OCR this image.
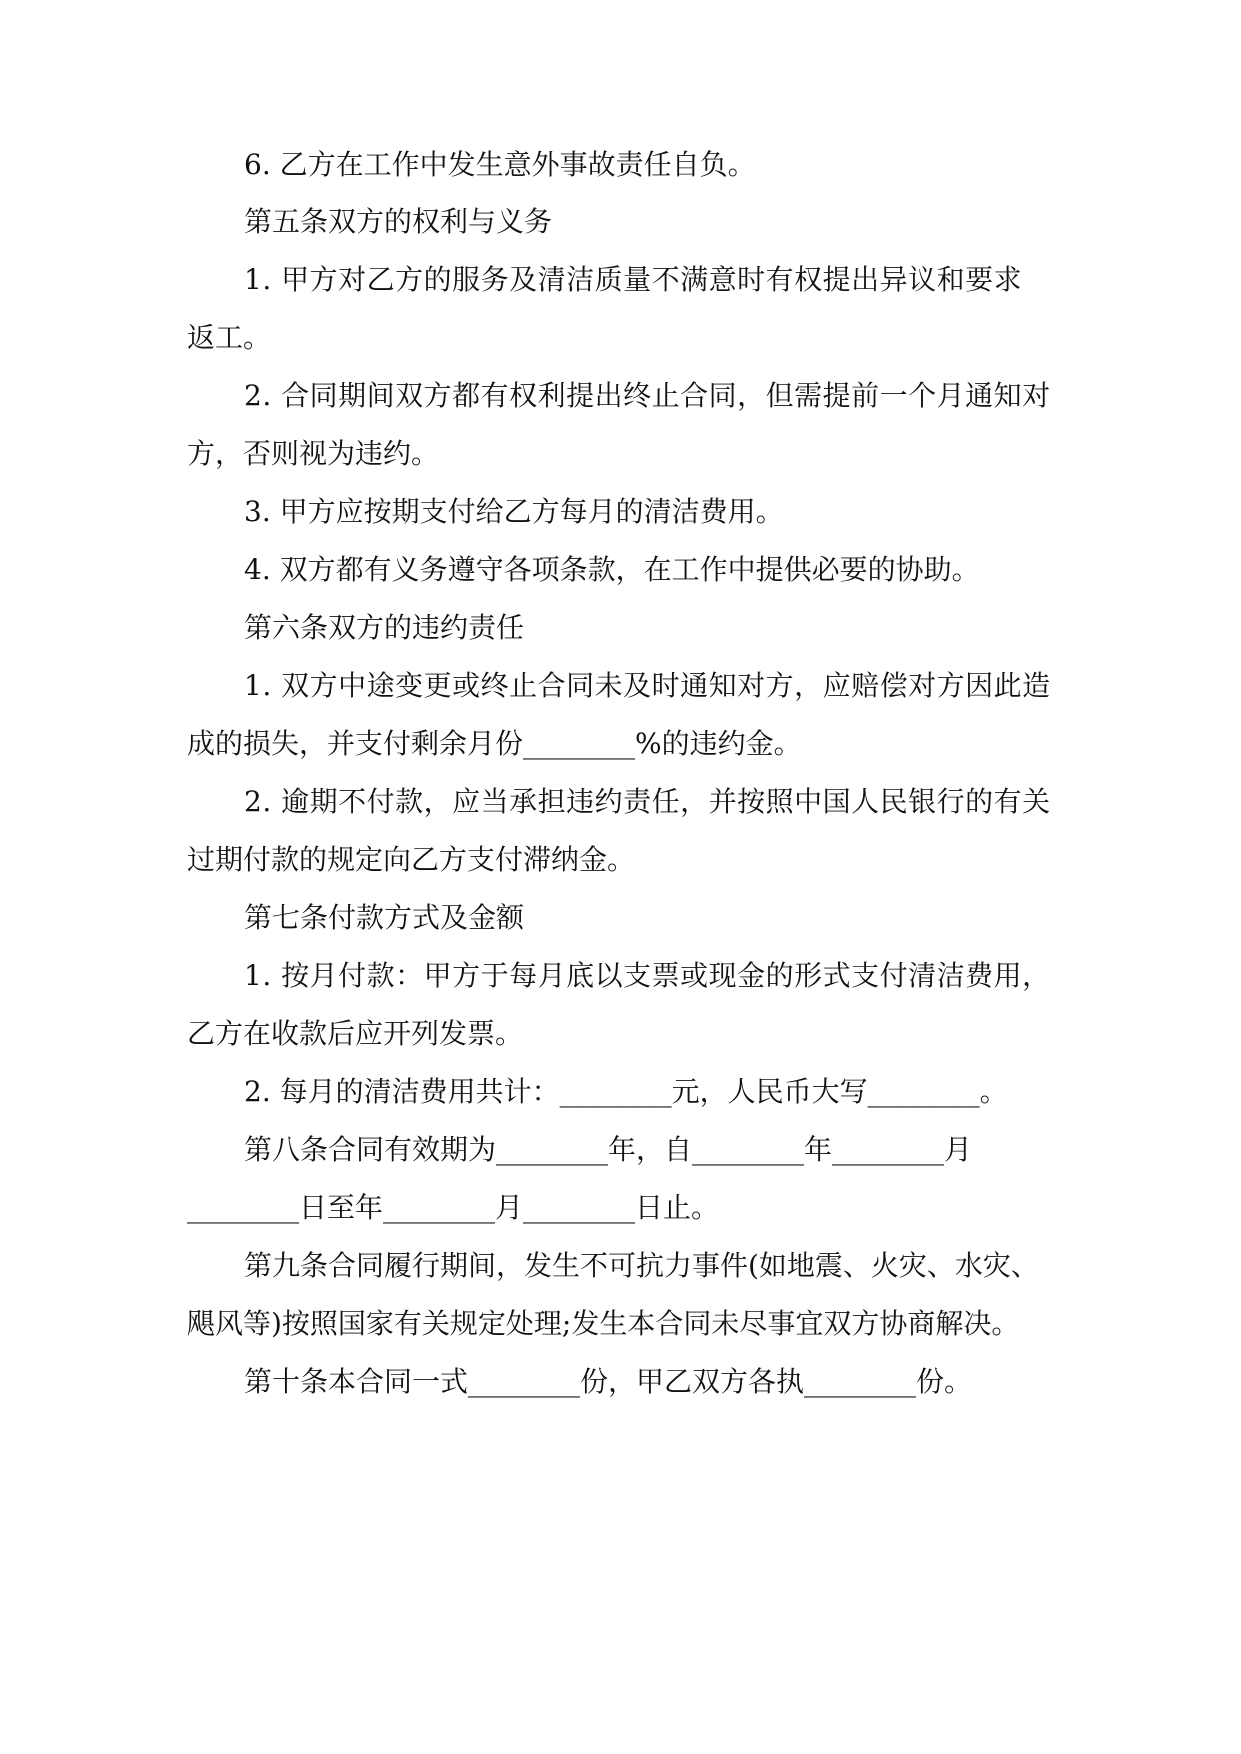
6. 乙方在工作中发生意外事故责任自负。
第五条双方的权利与义务
1. 甲方对乙方的服务及清洁质量不满意时有权提出异议和要求
返工。
2. 合同期间双方都有权利提出终止合同，但需提前一个月通知对
方，否则视为违约。
3. 甲方应按期支付给乙方每月的清洁费用。
4. 双方都有义务遵守各项条款，在工作中提供必要的协助。
第六条双方的违约责任
1. 双方中途变更或终止合同未及时通知对方，应赔偿对方因此造
成的损失，并支付剩余月份________%的违约金。
2. 逾期不付款，应当承担违约责任，并按照中国人民银行的有关
过期付款的规定向乙方支付滞纳金。
第七条付款方式及金额
1. 按月付款：甲方于每月底以支票或现金的形式支付清洁费用，
乙方在收款后应开列发票。
2. 每月的清洁费用共计：________元，人民币大写________。
第八条合同有效期为________年，自________年________月
________日至年________月________日止。
第九条合同履行期间，发生不可抗力事件(如地震、火灾、水灾、
飓风等)按照国家有关规定处理;发生本合同未尽事宜双方协商解决。
第十条本合同一式________份，甲乙双方各执________份。
